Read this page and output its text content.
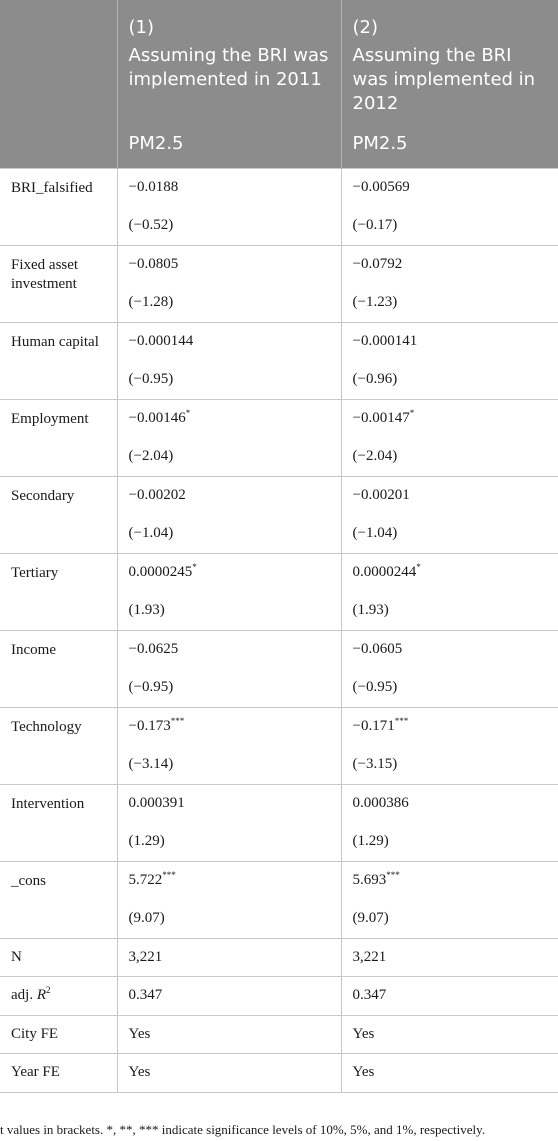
	(1)	(2)
	Assuming the BRI was implemented in 2011	Assuming the BRI was implemented in 2012
	PM2.5	PM2.5
BRI_falsified	−0.0188	−0.00569
	(−0.52)	(−0.17)
Fixed asset investment	−0.0805	−0.0792
	(−1.28)	(−1.23)
Human capital	−0.000144	−0.000141
	(−0.95)	(−0.96)
Employment	−0.00146*	−0.00147*
	(−2.04)	(−2.04)
Secondary	−0.00202	−0.00201
	(−1.04)	(−1.04)
Tertiary	0.0000245*	0.0000244*
	(1.93)	(1.93)
Income	−0.0625	−0.0605
	(−0.95)	(−0.95)
Technology	−0.173***	−0.171***
	(−3.14)	(−3.15)
Intervention	0.000391	0.000386
	(1.29)	(1.29)
_cons	5.722***	5.693***
	(9.07)	(9.07)
N	3,221	3,221
adj. $R^2$	0.347	0.347
City FE	Yes	Yes
Year FE	Yes	Yes
t values in brackets. *, **, *** indicate significance levels of 10%, 5%, and 1%, respectively.
